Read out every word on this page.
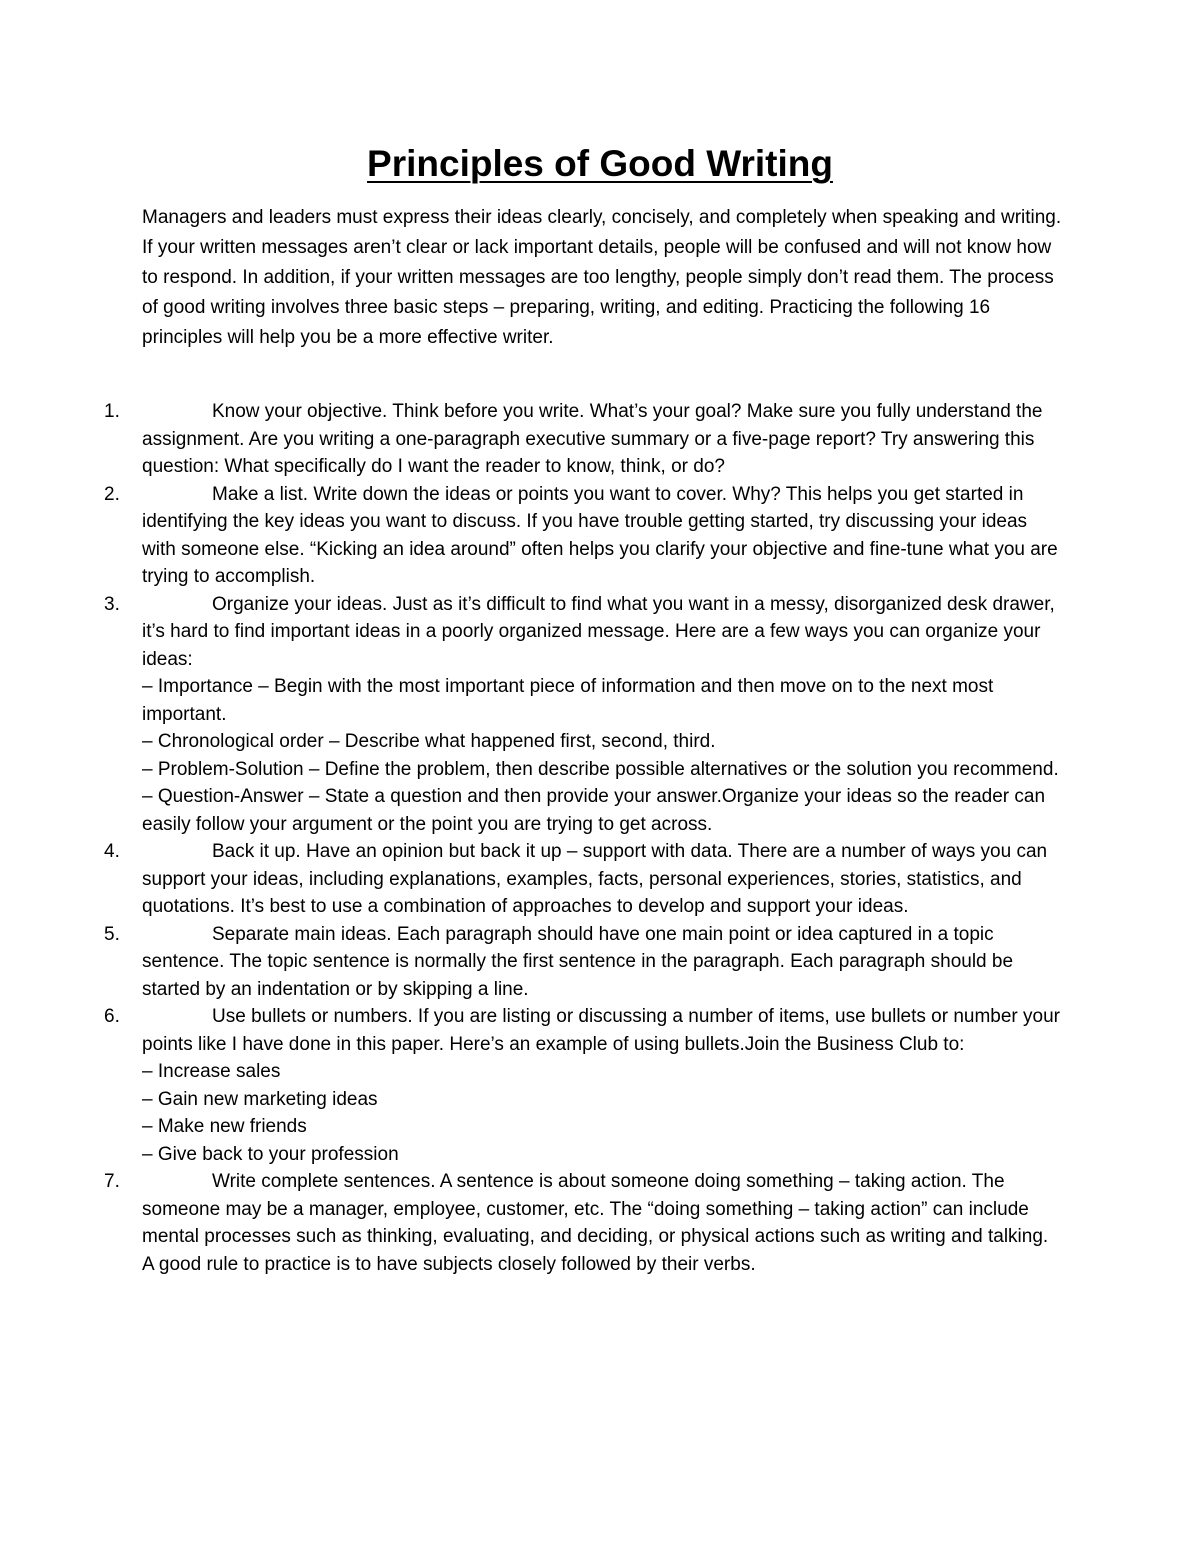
Principles of Good Writing

Managers and leaders must express their ideas clearly, concisely, and completely when speaking and writing. If your written messages aren’t clear or lack important details, people will be confused and will not know how to respond. In addition, if your written messages are too lengthy, people simply don’t read them. The process of good writing involves three basic steps – preparing, writing, and editing. Practicing the following 16 principles will help you be a more effective writer.

1.	Know your objective. Think before you write. What’s your goal? Make sure you fully understand the assignment. Are you writing a one-paragraph executive summary or a five-page report? Try answering this question: What specifically do I want the reader to know, think, or do?
2.	Make a list. Write down the ideas or points you want to cover. Why? This helps you get started in identifying the key ideas you want to discuss. If you have trouble getting started, try discussing your ideas with someone else. “Kicking an idea around” often helps you clarify your objective and fine-tune what you are trying to accomplish.
3.	Organize your ideas. Just as it’s difficult to find what you want in a messy, disorganized desk drawer, it’s hard to find important ideas in a poorly organized message. Here are a few ways you can organize your ideas:
– Importance – Begin with the most important piece of information and then move on to the next most important.
– Chronological order – Describe what happened first, second, third.
– Problem-Solution – Define the problem, then describe possible alternatives or the solution you recommend.
– Question-Answer – State a question and then provide your answer.Organize your ideas so the reader can easily follow your argument or the point you are trying to get across.
4.	Back it up. Have an opinion but back it up – support with data. There are a number of ways you can support your ideas, including explanations, examples, facts, personal experiences, stories, statistics, and quotations. It’s best to use a combination of approaches to develop and support your ideas.
5.	Separate main ideas. Each paragraph should have one main point or idea captured in a topic sentence. The topic sentence is normally the first sentence in the paragraph. Each paragraph should be started by an indentation or by skipping a line.
6.	Use bullets or numbers. If you are listing or discussing a number of items, use bullets or number your points like I have done in this paper. Here’s an example of using bullets.Join the Business Club to:
– Increase sales
– Gain new marketing ideas
– Make new friends
– Give back to your profession
7.	Write complete sentences. A sentence is about someone doing something – taking action. The someone may be a manager, employee, customer, etc. The “doing something – taking action” can include mental processes such as thinking, evaluating, and deciding, or physical actions such as writing and talking. A good rule to practice is to have subjects closely followed by their verbs.
